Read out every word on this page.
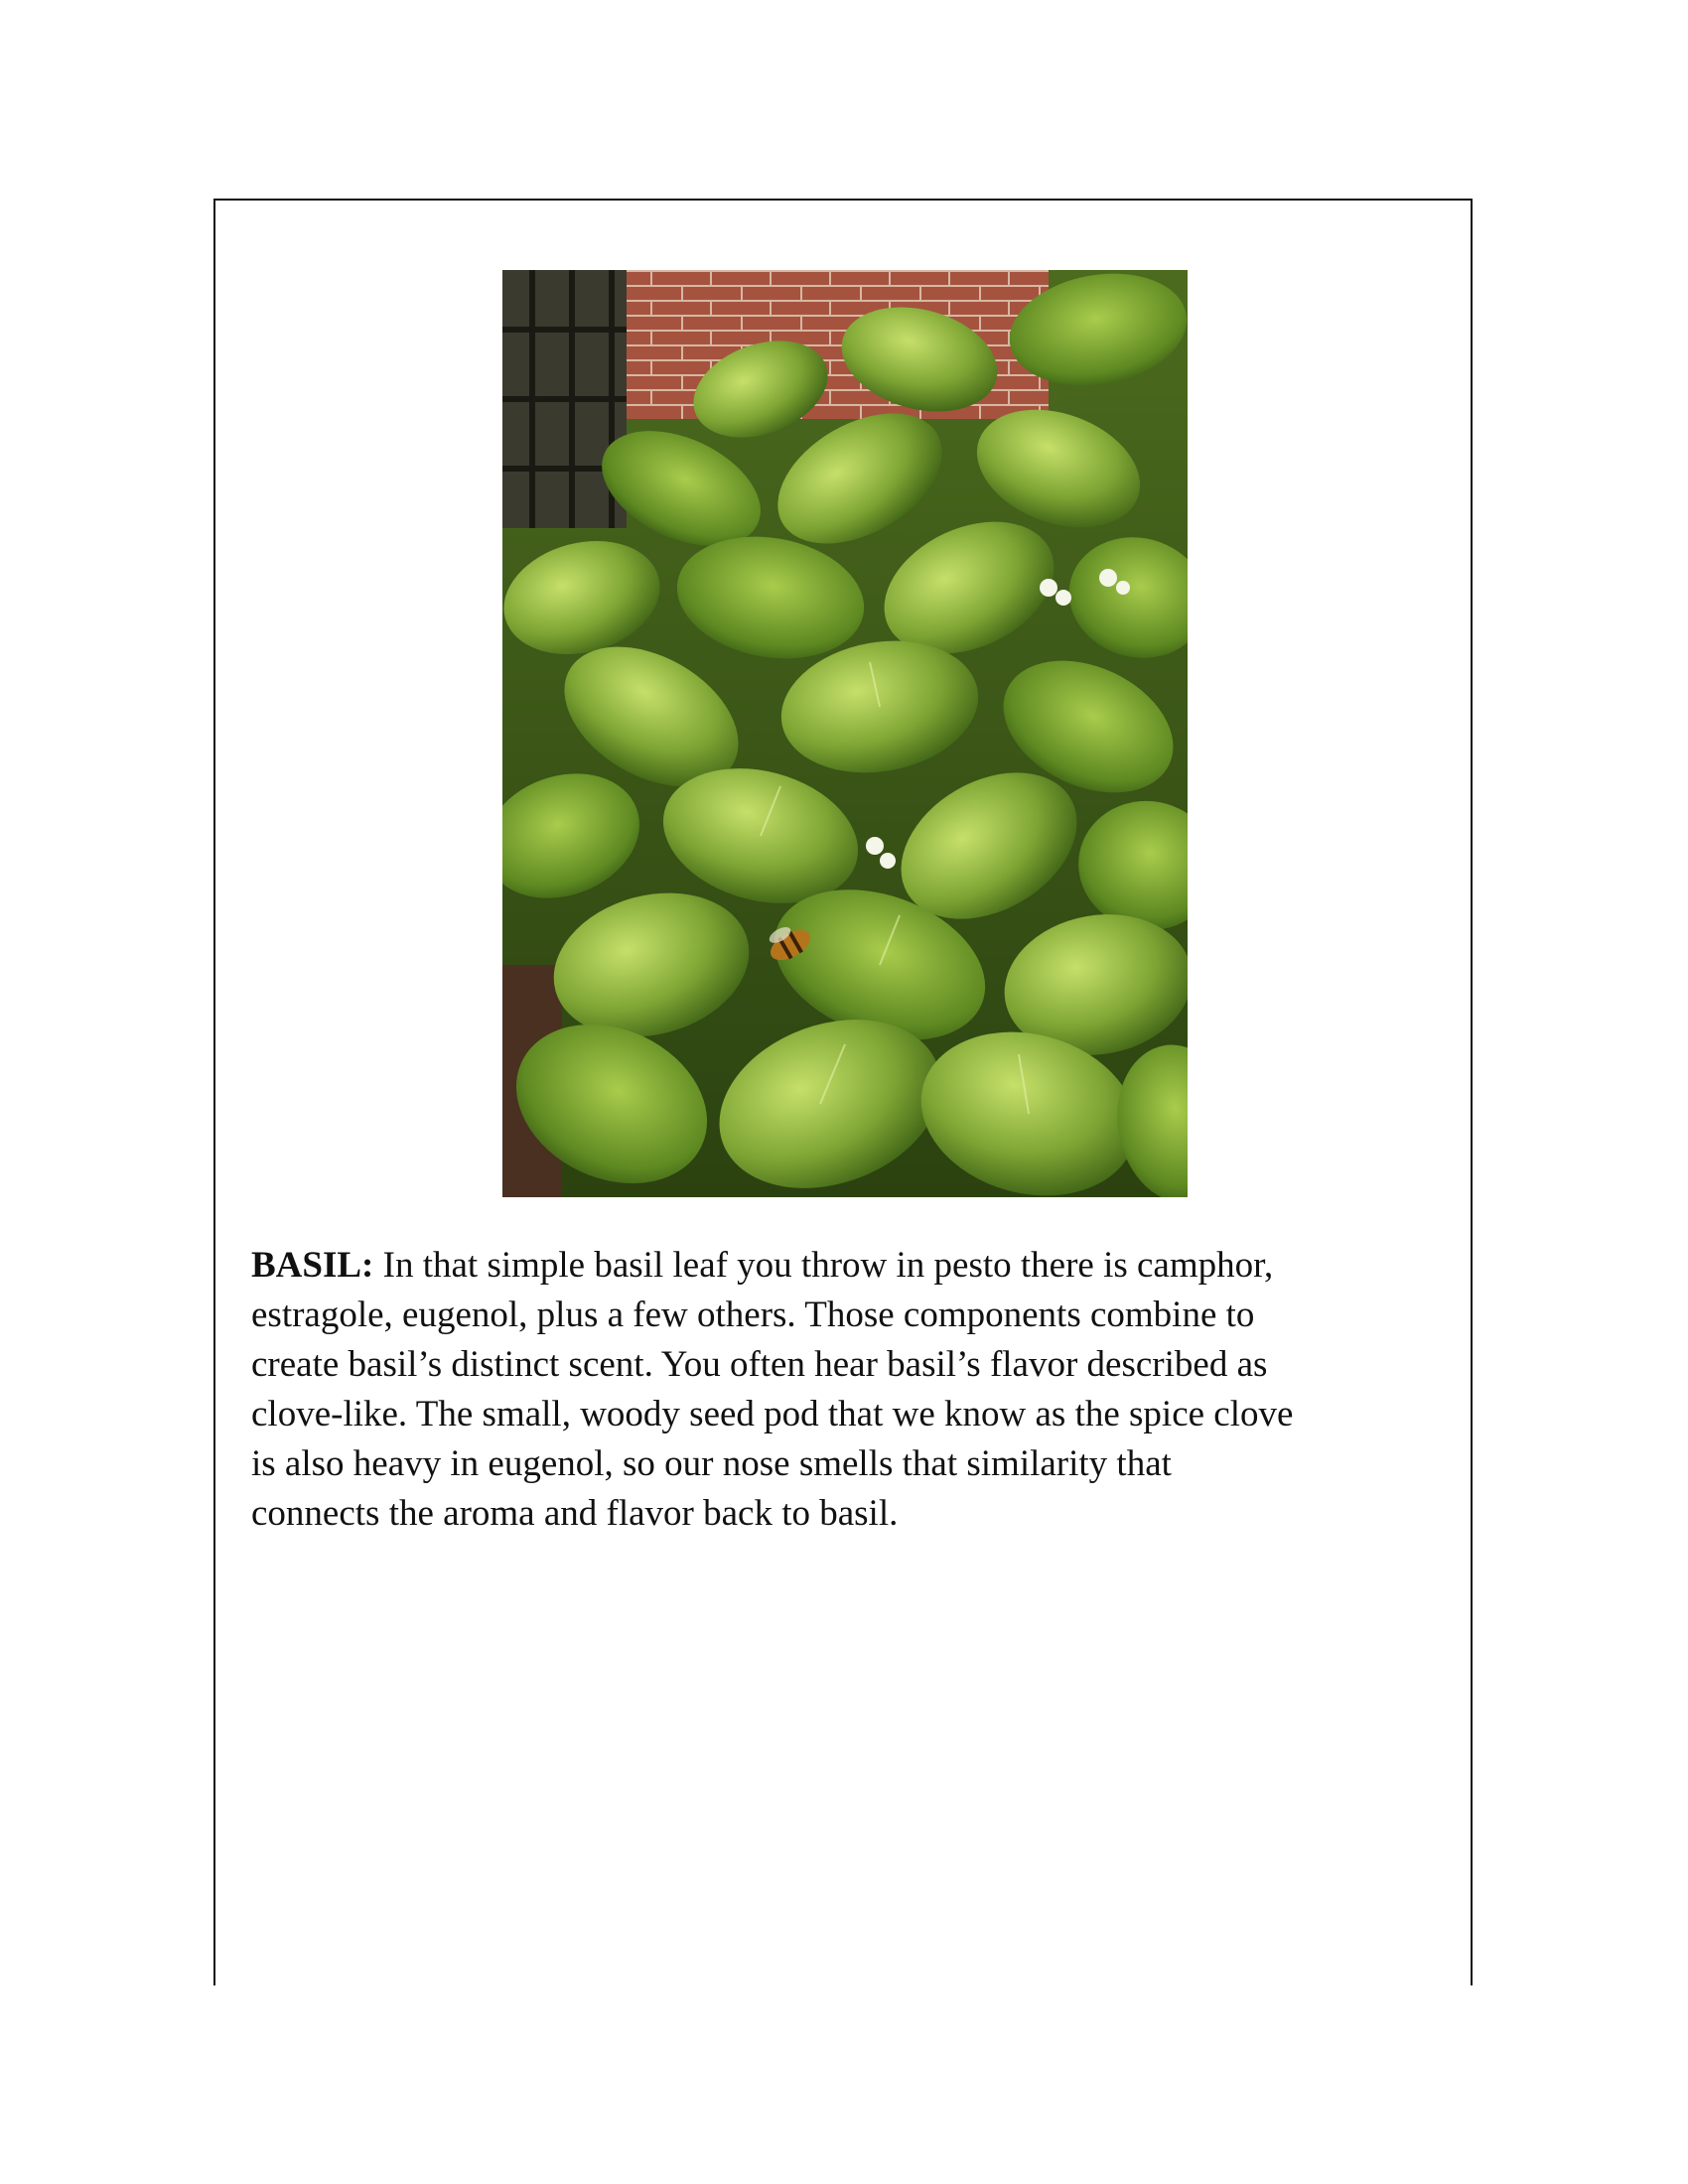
BASIL: In that simple basil leaf you throw in pesto there is camphor,
estragole, eugenol, plus a few others. Those components combine to
create basil’s distinct scent. You often hear basil’s flavor described as
clove-like. The small, woody seed pod that we know as the spice clove
is also heavy in eugenol, so our nose smells that similarity that
connects the aroma and flavor back to basil.
